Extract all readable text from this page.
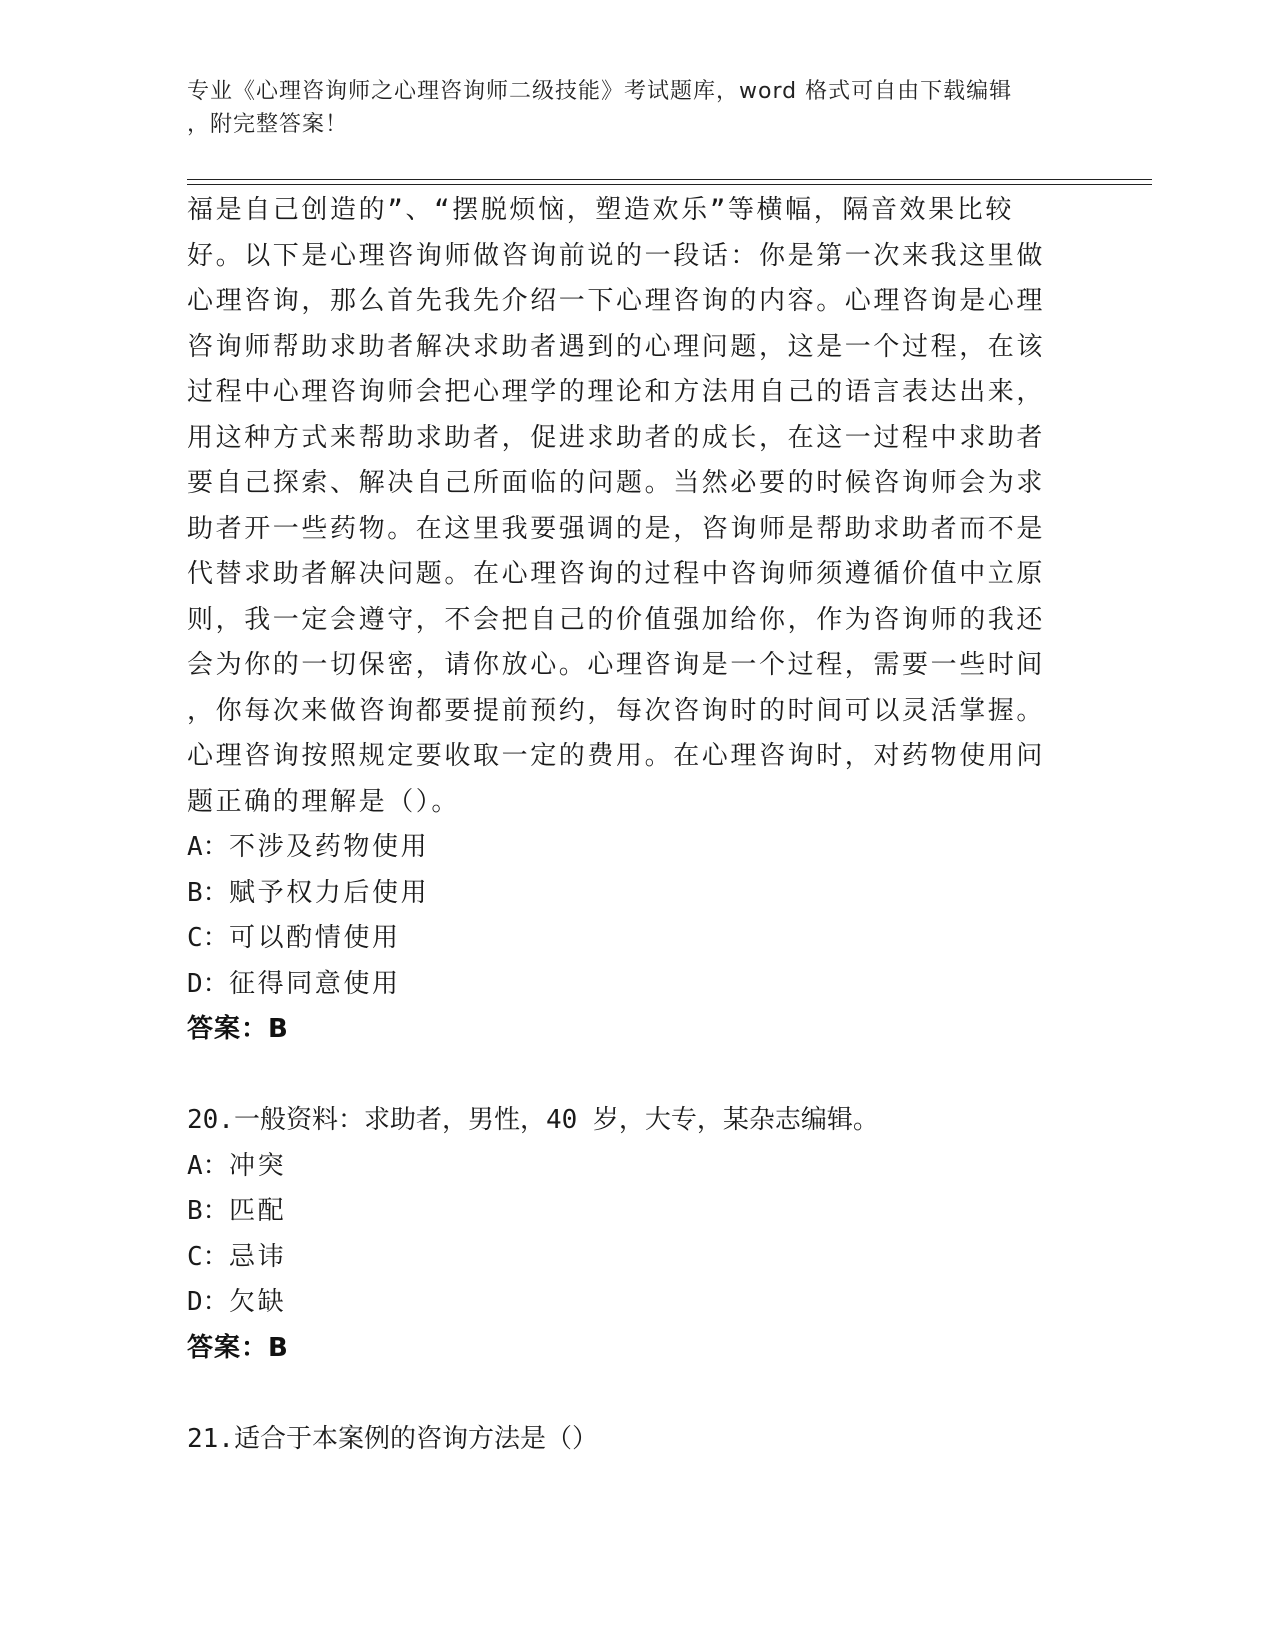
专业《心理咨询师之心理咨询师二级技能》考试题库，word 格式可自由下载编辑
，附完整答案！
福是自己创造的”、“摆脱烦恼，塑造欢乐”等横幅，隔音效果比较
好。以下是心理咨询师做咨询前说的一段话：你是第一次来我这里做
心理咨询，那么首先我先介绍一下心理咨询的内容。心理咨询是心理
咨询师帮助求助者解决求助者遇到的心理问题，这是一个过程，在该
过程中心理咨询师会把心理学的理论和方法用自己的语言表达出来，
用这种方式来帮助求助者，促进求助者的成长，在这一过程中求助者
要自己探索、解决自己所面临的问题。当然必要的时候咨询师会为求
助者开一些药物。在这里我要强调的是，咨询师是帮助求助者而不是
代替求助者解决问题。在心理咨询的过程中咨询师须遵循价值中立原
则，我一定会遵守，不会把自己的价值强加给你，作为咨询师的我还
会为你的一切保密，请你放心。心理咨询是一个过程，需要一些时间
，你每次来做咨询都要提前预约，每次咨询时的时间可以灵活掌握。
心理咨询按照规定要收取一定的费用。在心理咨询时，对药物使用问
题正确的理解是（）。
A：不涉及药物使用
B：赋予权力后使用
C：可以酌情使用
D：征得同意使用
答案：B
20.一般资料：求助者，男性，40 岁，大专，某杂志编辑。
A：冲突
B：匹配
C：忌讳
D：欠缺
答案：B
21.适合于本案例的咨询方法是（）
